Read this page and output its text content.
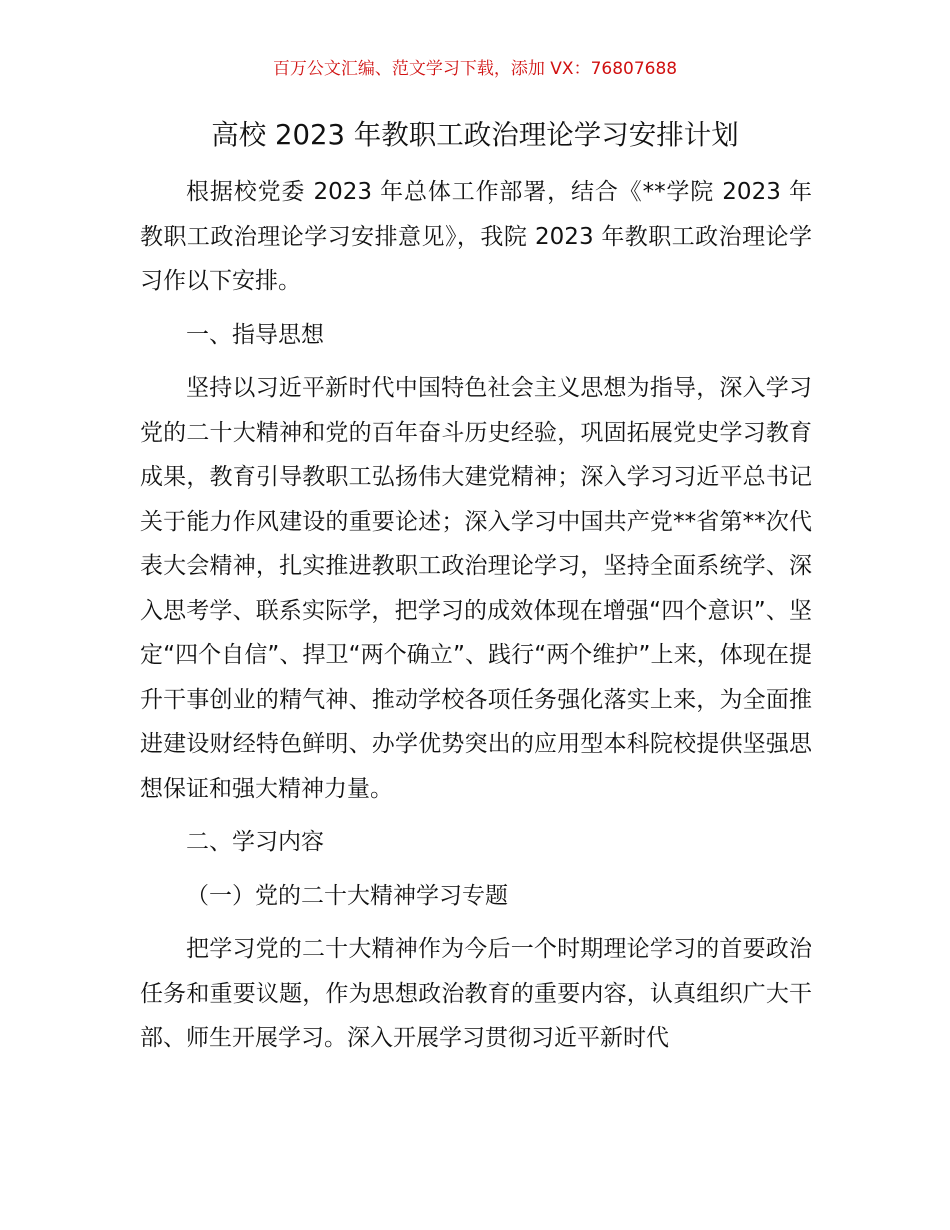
百万公文汇编、范文学习下载，添加 VX：76807688
高校 2023 年教职工政治理论学习安排计划

根据校党委 2023 年总体工作部署，结合《**学院 2023 年教职工政治理论学习安排意见》，我院 2023 年教职工政治理论学习作以下安排。

一、指导思想

坚持以习近平新时代中国特色社会主义思想为指导，深入学习党的二十大精神和党的百年奋斗历史经验，巩固拓展党史学习教育成果，教育引导教职工弘扬伟大建党精神；深入学习习近平总书记关于能力作风建设的重要论述；深入学习中国共产党**省第**次代表大会精神，扎实推进教职工政治理论学习，坚持全面系统学、深入思考学、联系实际学，把学习的成效体现在增强“四个意识”、坚定“四个自信”、捍卫“两个确立”、践行“两个维护”上来，体现在提升干事创业的精气神、推动学校各项任务强化落实上来，为全面推进建设财经特色鲜明、办学优势突出的应用型本科院校提供坚强思想保证和强大精神力量。

二、学习内容

（一）党的二十大精神学习专题

把学习党的二十大精神作为今后一个时期理论学习的首要政治任务和重要议题，作为思想政治教育的重要内容，认真组织广大干部、师生开展学习。深入开展学习贯彻习近平新时代
